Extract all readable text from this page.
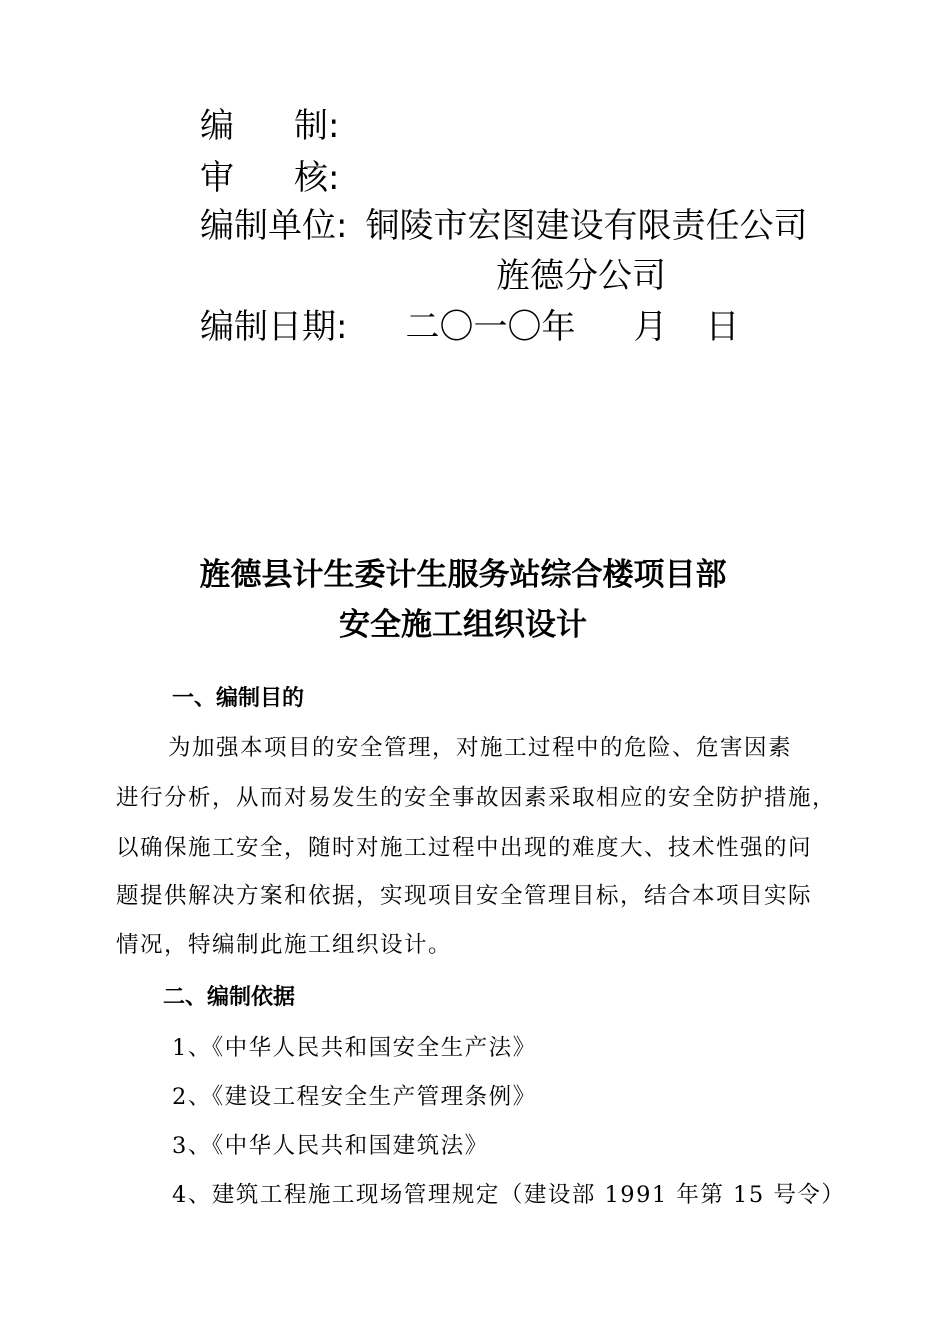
编 制:
审 核:
编制单位: 铜陵市宏图建设有限责任公司
旌德分公司
编制日期: 二〇一〇年 月 日
旌德县计生委计生服务站综合楼项目部
安全施工组织设计
一、编制目的
为加强本项目的安全管理，对施工过程中的危险、危害因素
进行分析，从而对易发生的安全事故因素采取相应的安全防护措施，
以确保施工安全，随时对施工过程中出现的难度大、技术性强的问
题提供解决方案和依据，实现项目安全管理目标，结合本项目实际
情况，特编制此施工组织设计。
二、编制依据
1、《中华人民共和国安全生产法》
2、《建设工程安全生产管理条例》
3、《中华人民共和国建筑法》
4、建筑工程施工现场管理规定（建设部 1991 年第 15 号令）
